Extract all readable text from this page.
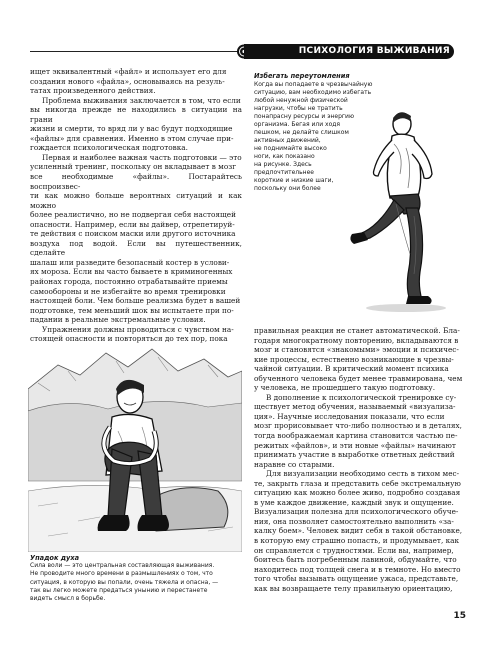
ПСИХОЛОГИЯ ВЫЖИВАНИЯ

ищет эквивалентный «файл» и использует его для

создания нового «файла», основываясь на резуль-

татах произведенного действия.

Проблема выживания заключается в том, что если

вы никогда прежде не находились в ситуации на грани

жизни и смерти, то вряд ли у вас будут подходящие

«файлы» для сравнения. Именно в этом случае при-

гождается психологическая подготовка.

Первая и наиболее важная часть подготовки — это

усиленный тренинг, поскольку он вкладывает в мозг

все необходимые «файлы». Постарайтесь воспроизвес-

ти как можно больше вероятных ситуаций и как можно

более реалистично, но не подвергая себя настоящей

опасности. Например, если вы дайвер, отрепетируй-

те действия с поиском маски или другого источника

воздуха под водой. Если вы путешественник, сделайте

шалаш или разведите безопасный костер в услови-

ях мороза. Если вы часто бываете в криминогенных

районах города, постоянно отрабатывайте приемы

самообороны и не избегайте во время тренировки

настоящей боли. Чем больше реализма будет в вашей

подготовке, тем меньший шок вы испытаете при по-

падании в реальные экстремальные условия.

Упражнения должны проводиться с чувством на-

стоящей опасности и повторяться до тех пор, пока

Избегать переутомления
Когда вы попадаете в чрезвычайную
ситуацию, вам необходимо избегать
любой ненужной физической
нагрузки, чтобы не тратить
понапрасну ресурсы и энергию
организма. Бегая или ходя
пешком, не делайте слишком
активных движений,
не поднимайте высоко
ноги, как показано
на рисунке. Здесь
предпочтительнее
короткие и низкие шаги,
поскольку они более
Упадок духа
Сила воли — это центральная составляющая выживания.
Не проводите много времени в размышлениях о том, что
ситуация, в которую вы попали, очень тяжела и опасна, —
так вы легко можете предаться унынию и перестанете
видеть смысл в борьбе.

правильная реакция не станет автоматической. Бла-

годаря многократному повторению, вкладываются в

мозг и становятся «знакомыми» эмоции и психичес-

кие процессы, естественно возникающие в чрезвы-

чайной ситуации. В критический момент психика

обученного человека будет менее травмирована, чем

у человека, не прошедшего такую подготовку.

В дополнение к психологической тренировке су-

ществует метод обучения, называемый «визуализа-

ция». Научные исследования показали, что если

мозг прорисовывает что-либо полностью и в деталях,

тогда воображаемая картина становится частью пе-

режитых «файлов», и эти новые «файлы» начинают

принимать участие в выработке ответных действий

наравне со старыми.

Для визуализации необходимо сесть в тихом мес-

те, закрыть глаза и представить себе экстремальную

ситуацию как можно более живо, подробно создавая

в уме каждое движение, каждый звук и ощущение.

Визуализация полезна для психологического обуче-

ния, она позволяет самостоятельно выполнить «за-

калку боем». Человек видит себя в такой обстановке,

в которую ему страшно попасть, и продумывает, как

он справляется с трудностями. Если вы, например,

боитесь быть погребенным лавиной, обдумайте, что

находитесь под толщей снега и в темноте. Но вместо

того чтобы вызывать ощущение ужаса, представьте,

как вы возвращаете телу правильную ориентацию,

15
